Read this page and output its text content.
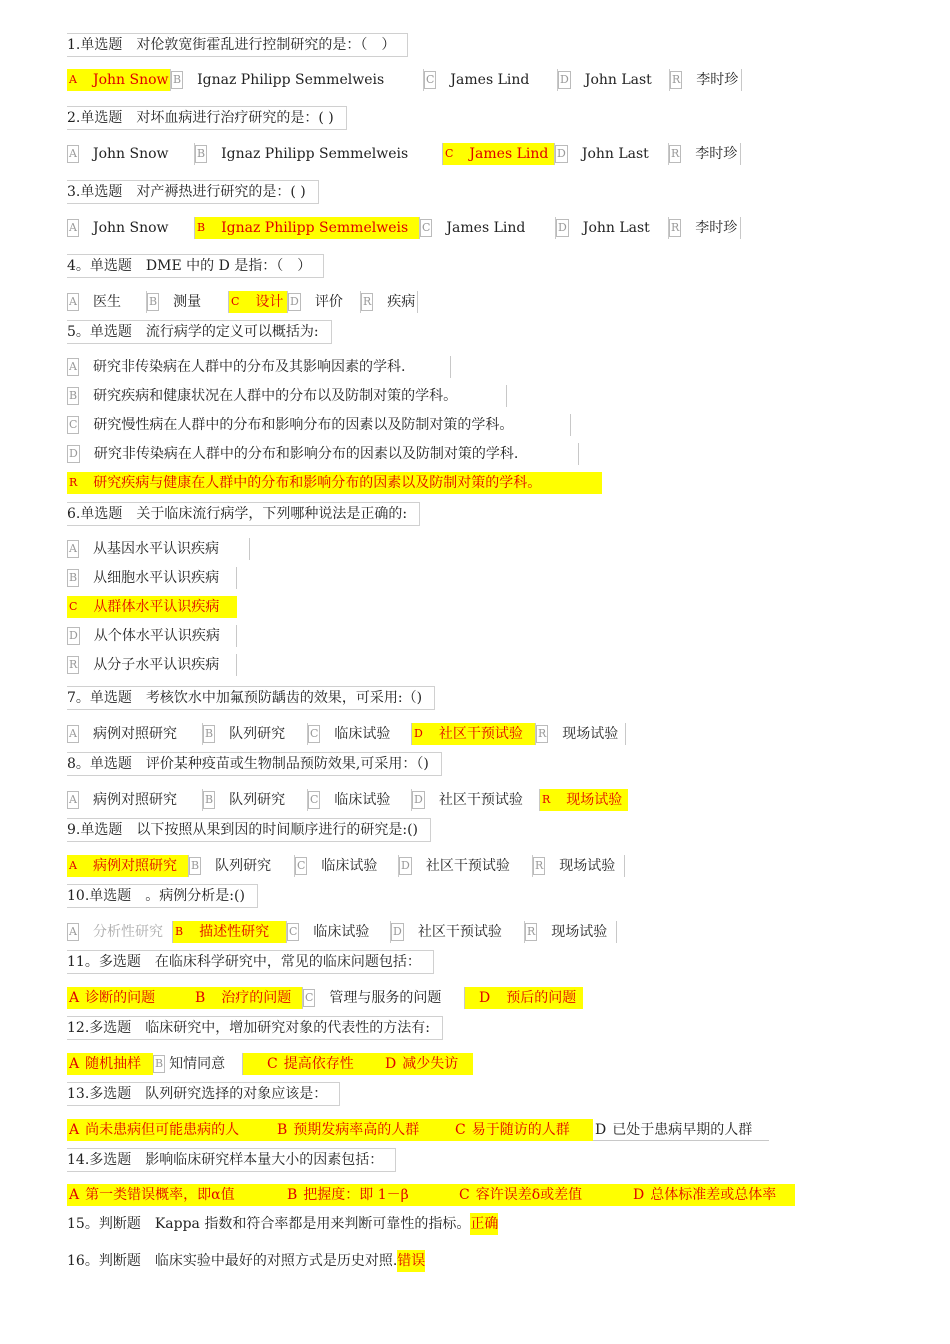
1.单选题　对伦敦宽街霍乱进行控制研究的是：（　）
A John Snow B Ignaz Philipp Semmelweis	C James Lind	D John Last R 李时珍
2.单选题　对坏血病进行治疗研究的是：( )
A John Snow	B Ignaz Philipp Semmelweis	C James Lind D John Last R 李时珍
3.单选题　对产褥热进行研究的是：( )
A John Snow	B Ignaz Philipp Semmelweis C James Lind	D John Last R 李时珍
4。单选题　DME 中的 D 是指：（　）
A 医生	B 测量	C 设计 D 评价 R 疾病
5。单选题　流行病学的定义可以概括为:
A 研究非传染病在人群中的分布及其影响因素的学科.
B 研究疾病和健康状况在人群中的分布以及防制对策的学科。
C 研究慢性病在人群中的分布和影响分布的因素以及防制对策的学科。
D 研究非传染病在人群中的分布和影响分布的因素以及防制对策的学科.
R 研究疾病与健康在人群中的分布和影响分布的因素以及防制对策的学科。
6.单选题　关于临床流行病学，下列哪种说法是正确的:
A 从基因水平认识疾病
B 从细胞水平认识疾病
C 从群体水平认识疾病
D 从个体水平认识疾病
R 从分子水平认识疾病
7。单选题　考核饮水中加氟预防龋齿的效果，可采用:（)
A 病例对照研究	B 队列研究 C 临床试验 D 社区干预试验 R 现场试验
8。单选题　评价某种疫苗或生物制品预防效果,可采用：（)
A 病例对照研究	B 队列研究 C 临床试验 D 社区干预试验 R 现场试验
9.单选题　以下按照从果到因的时间顺序进行的研究是:()
A 病例对照研究 B 队列研究 C 临床试验 D 社区干预试验 R 现场试验
10.单选题　。病例分析是:()
A 分析性研究 B 描述性研究 C 临床试验 D 社区干预试验 R 现场试验
11。多选题　在临床科学研究中，常见的临床问题包括：
A 诊断的问题	B 治疗的问题 C 管理与服务的问题	D 预后的问题
12.多选题　临床研究中，增加研究对象的代表性的方法有:
A 随机抽样 B 知情同意	C 提高依存性 D 减少失访
13.多选题　队列研究选择的对象应该是：
A 尚未患病但可能患病的人	B 预期发病率高的人群	C 易于随访的人群 D 已处于患病早期的人群
14.多选题　影响临床研究样本量大小的因素包括：
A 第一类错误概率，即α值	B 把握度：即 1－β	C 容许误差δ或差值	D 总体标准差或总体率
15。判断题　Kappa 指数和符合率都是用来判断可靠性的指标。 正确
16。判断题　临床实验中最好的对照方式是历史对照. 错误
